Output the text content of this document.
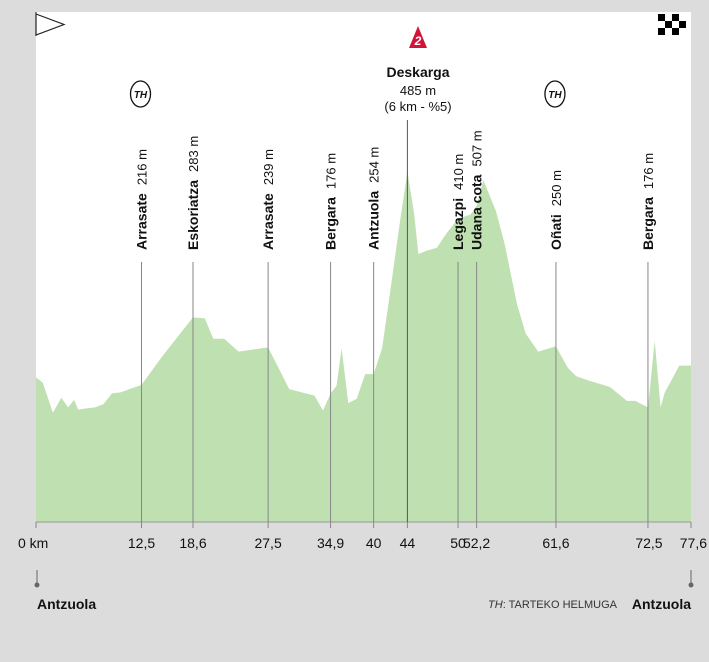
Arrasate216 m
TH
Eskoriatza283 m
Arrasate239 m
Bergara176 m
Antzuola254 m
Legazpi410 m
Udana cota507 m
Oñati250 m
TH
Bergara176 m
0 km	12,5 18,6	27,5	34,9 40 44	50
52,2	61,6	72,5 77,6
2
Deskarga
485 m
(6 km - %5)
Antzuola	Antzuola
TH: TARTEKO HELMUGA
